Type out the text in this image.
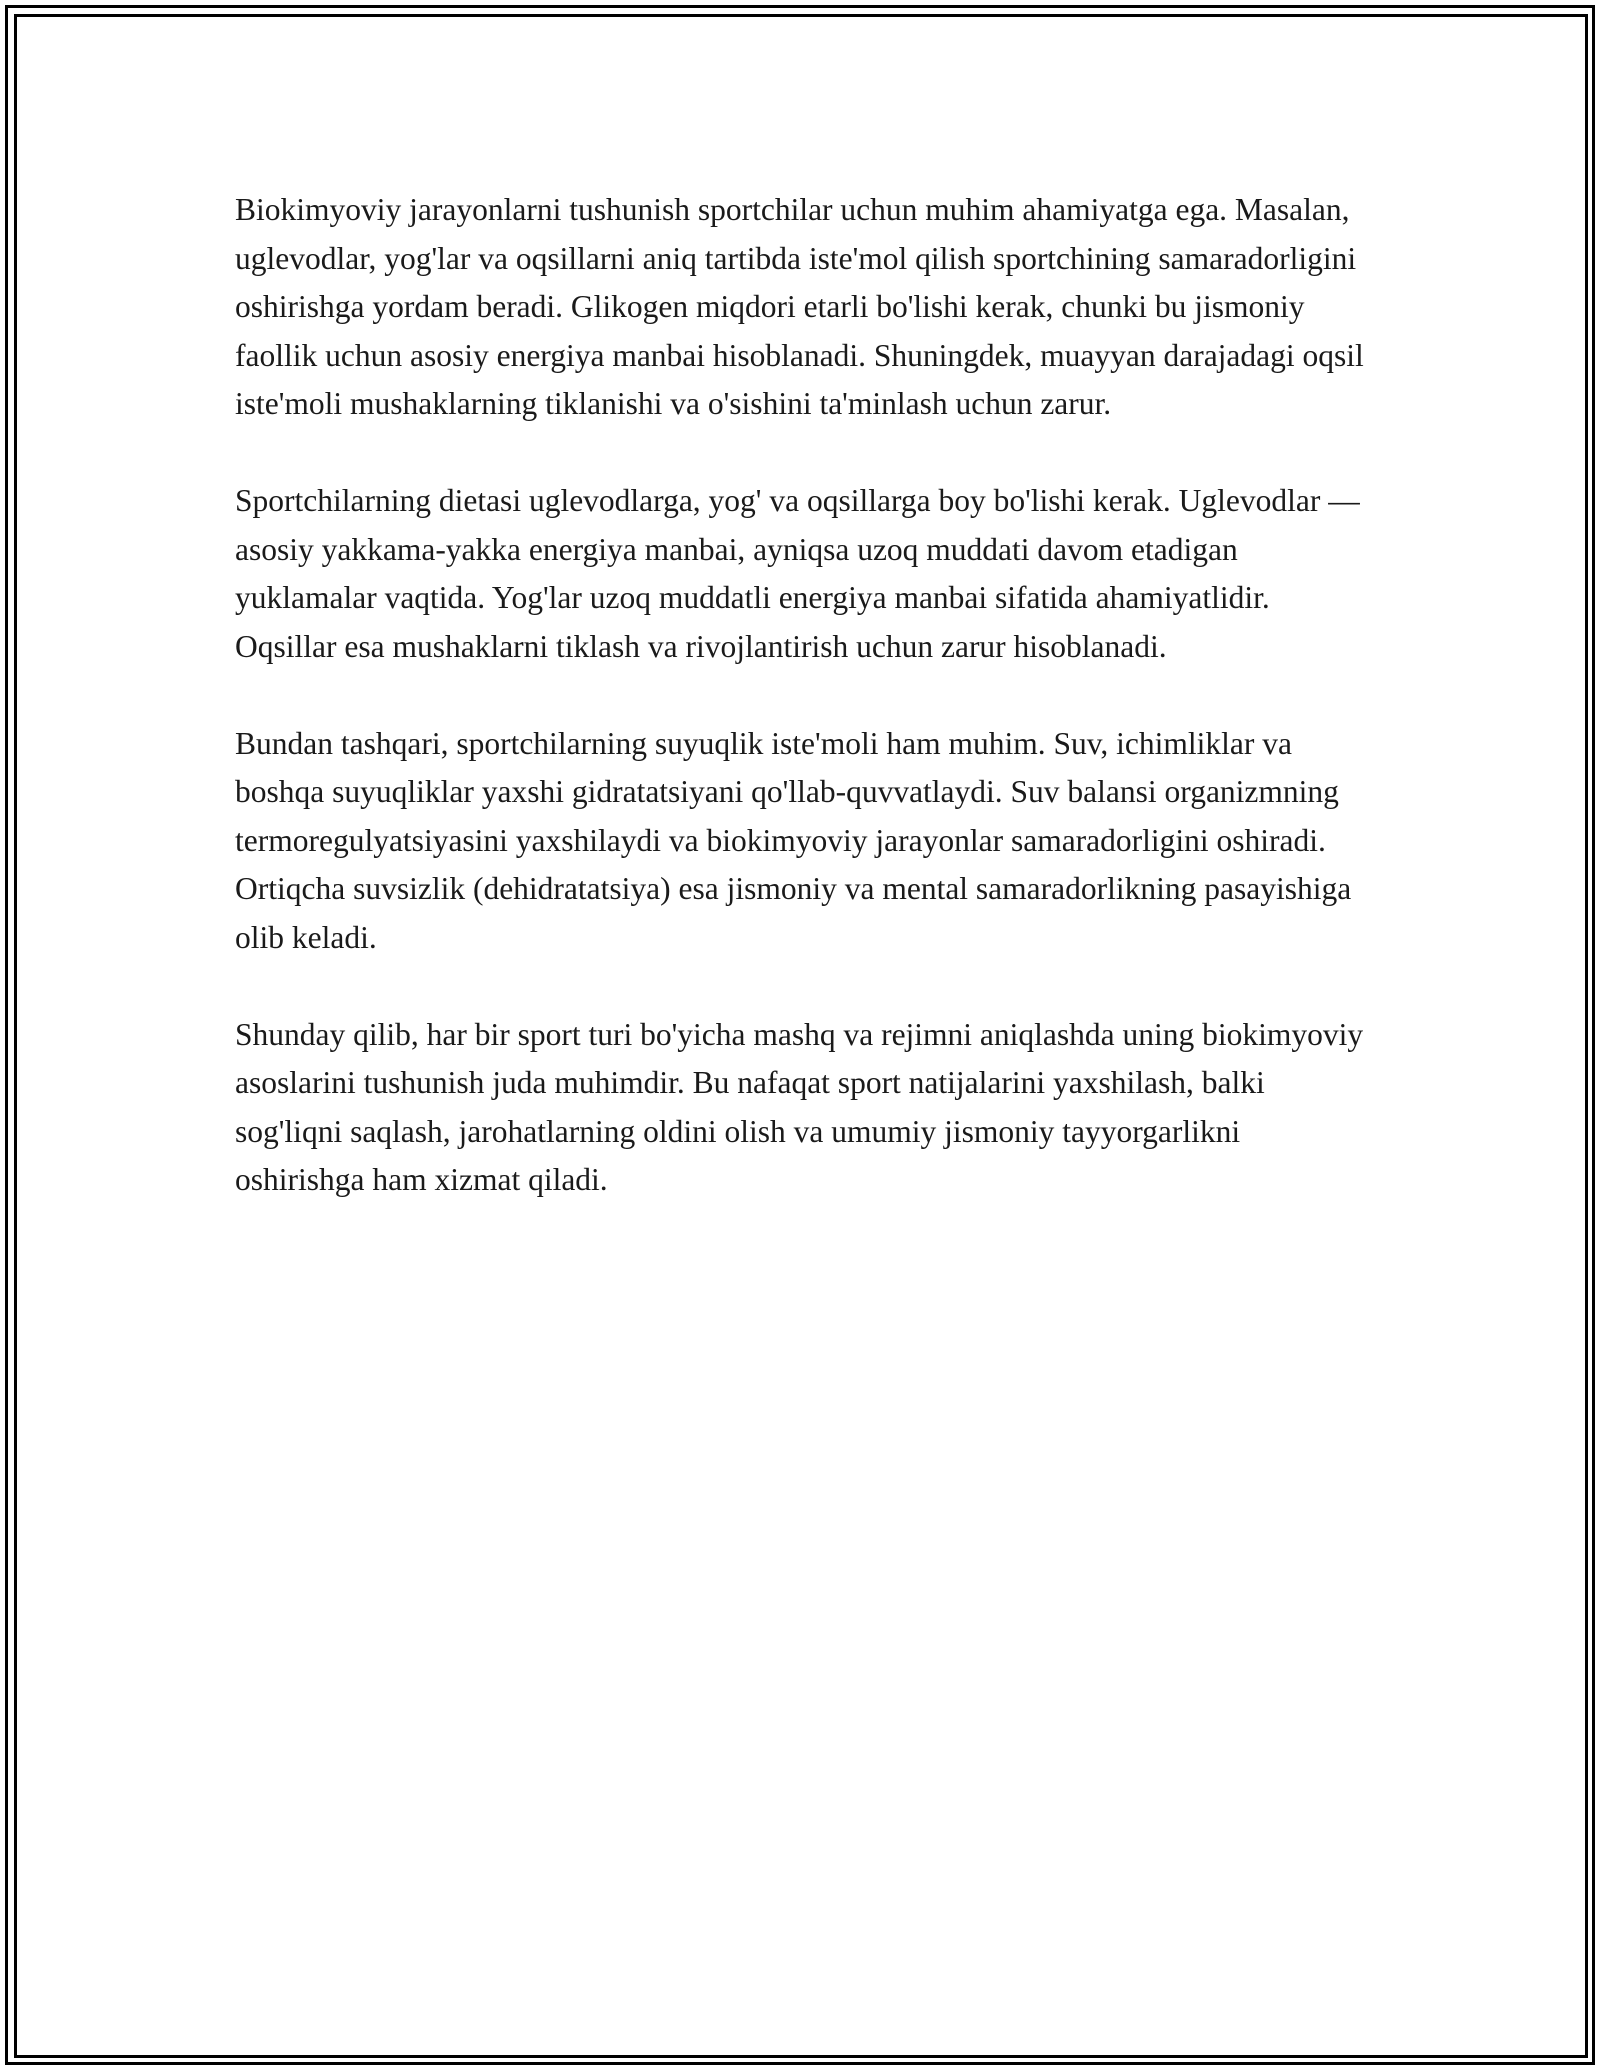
Biokimyoviy jarayonlarni tushunish sportchilar uchun muhim ahamiyatga ega. Masalan, uglevodlar, yog'lar va oqsillarni aniq tartibda iste'mol qilish sportchining samaradorligini oshirishga yordam beradi. Glikogen miqdori etarli bo'lishi kerak, chunki bu jismoniy faollik uchun asosiy energiya manbai hisoblanadi. Shuningdek, muayyan darajadagi oqsil iste'moli mushaklarning tiklanishi va o'sishini ta'minlash uchun zarur.

Sportchilarning dietasi uglevodlarga, yog' va oqsillarga boy bo'lishi kerak. Uglevodlar — asosiy yakkama-yakka energiya manbai, ayniqsa uzoq muddati davom etadigan yuklamalar vaqtida. Yog'lar uzoq muddatli energiya manbai sifatida ahamiyatlidir. Oqsillar esa mushaklarni tiklash va rivojlantirish uchun zarur hisoblanadi.

Bundan tashqari, sportchilarning suyuqlik iste'moli ham muhim. Suv, ichimliklar va boshqa suyuqliklar yaxshi gidratatsiyani qo'llab-quvvatlaydi. Suv balansi organizmning termoregulyatsiyasini yaxshilaydi va biokimyoviy jarayonlar samaradorligini oshiradi. Ortiqcha suvsizlik (dehidratatsiya) esa jismoniy va mental samaradorlikning pasayishiga olib keladi.

Shunday qilib, har bir sport turi bo'yicha mashq va rejimni aniqlashda uning biokimyoviy asoslarini tushunish juda muhimdir. Bu nafaqat sport natijalarini yaxshilash, balki sog'liqni saqlash, jarohatlarning oldini olish va umumiy jismoniy tayyorgarlikni oshirishga ham xizmat qiladi.
